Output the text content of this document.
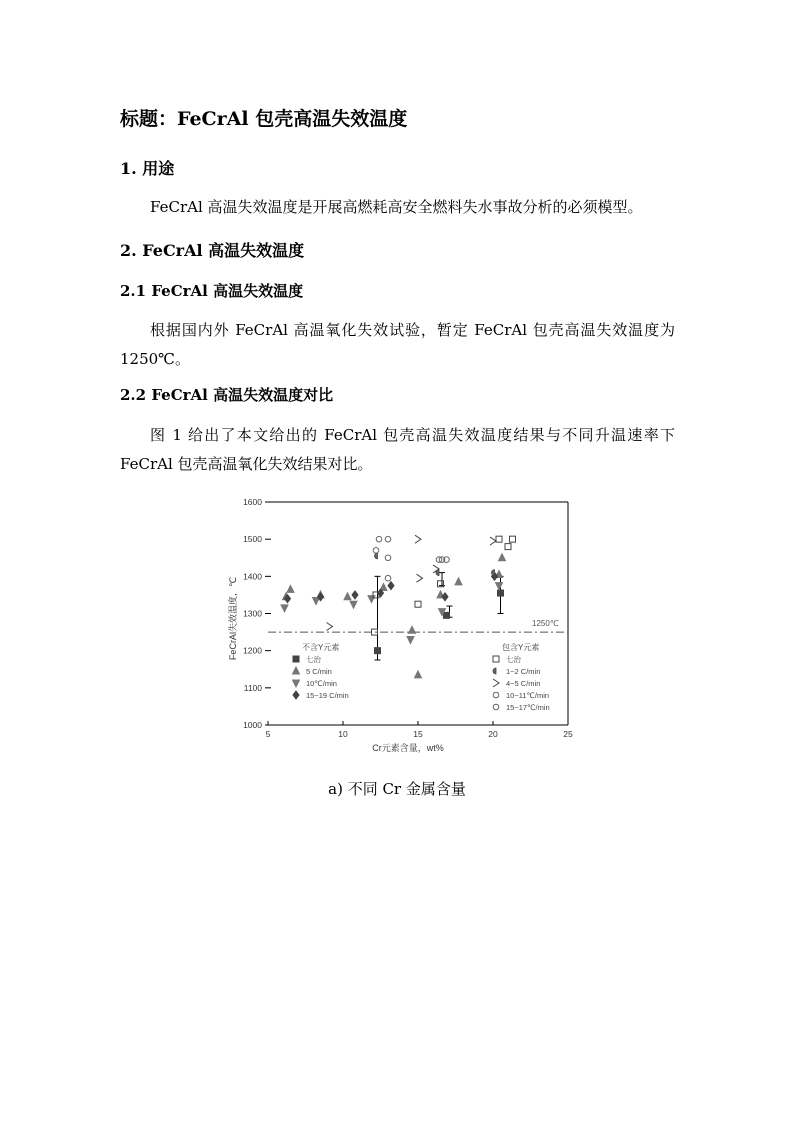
标题：FeCrAl 包壳高温失效温度
1. 用途

FeCrAl 高温失效温度是开展高燃耗高安全燃料失水事故分析的必须模型。

2. FeCrAl 高温失效温度
2.1 FeCrAl 高温失效温度

根据国内外 FeCrAl 高温氧化失效试验，暂定 FeCrAl 包壳高温失效温度为 1250℃。

2.2 FeCrAl 高温失效温度对比

图 1 给出了本文给出的 FeCrAl 包壳高温失效温度结果与不同升温速率下 FeCrAl 包壳高温氧化失效结果对比。

1000
1100
1200
1300
1400
1500
1600
5	10	15	20	25
Cr元素含量，wt%
FeCrAl失效温度，℃	1250℃
不含Y元素
七治
5 C/min
10℃/min
15~19 C/min
包含Y元素
七治
1~2 C/min
4~5 C/min
10~11℃/min
15~17℃/min

a) 不同 Cr 金属含量
